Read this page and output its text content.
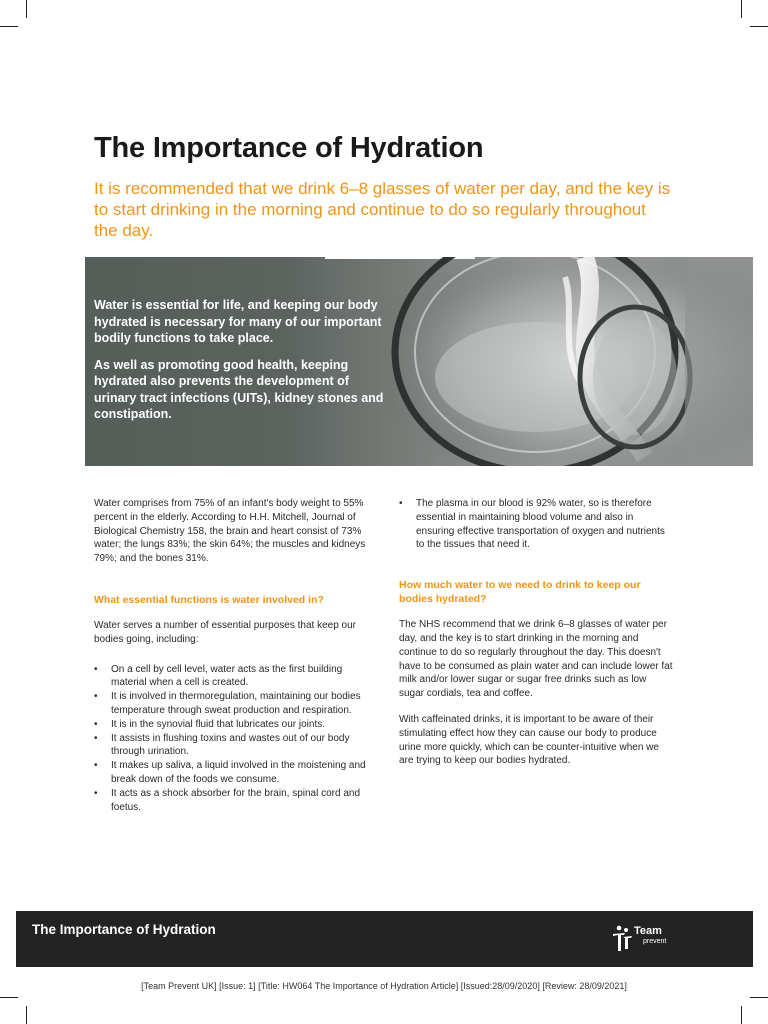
The Importance of Hydration

It is recommended that we drink 6–8 glasses of water per day, and the key is to start drinking in the morning and continue to do so regularly throughout the day.

Water is essential for life, and keeping our body hydrated is necessary for many of our important bodily functions to take place.

As well as promoting good health, keeping hydrated also prevents the development of urinary tract infections (UITs), kidney stones and constipation.

Water comprises from 75% of an infant's body weight to 55% percent in the elderly. According to H.H. Mitchell, Journal of Biological Chemistry 158, the brain and heart consist of 73% water; the lungs 83%; the skin 64%; the muscles and kidneys 79%; and the bones 31%.

What essential functions is water involved in?

Water serves a number of essential purposes that keep our bodies going, including:

• On a cell by cell level, water acts as the first building material when a cell is created.
• It is involved in thermoregulation, maintaining our bodies temperature through sweat production and respiration.
• It is in the synovial fluid that lubricates our joints.
• It assists in flushing toxins and wastes out of our body through urination.
• It makes up saliva, a liquid involved in the moistening and break down of the foods we consume.
• It acts as a shock absorber for the brain, spinal cord and foetus.
• The plasma in our blood is 92% water, so is therefore essential in maintaining blood volume and also in ensuring effective transportation of oxygen and nutrients to the tissues that need it.

How much water to we need to drink to keep our bodies hydrated?

The NHS recommend that we drink 6–8 glasses of water per day, and the key is to start drinking in the morning and continue to do so regularly throughout the day. This doesn't have to be consumed as plain water and can include lower fat milk and/or lower sugar or sugar free drinks such as low sugar cordials, tea and coffee.

With caffeinated drinks, it is important to be aware of their stimulating effect how they can cause our body to produce urine more quickly, which can be counter-intuitive when we are trying to keep our bodies hydrated.

The Importance of Hydration	Team
prevent
[Team Prevent UK] [Issue: 1] [Title: HW064 The Importance of Hydration Article] [Issued:28/09/2020] [Review: 28/09/2021]
